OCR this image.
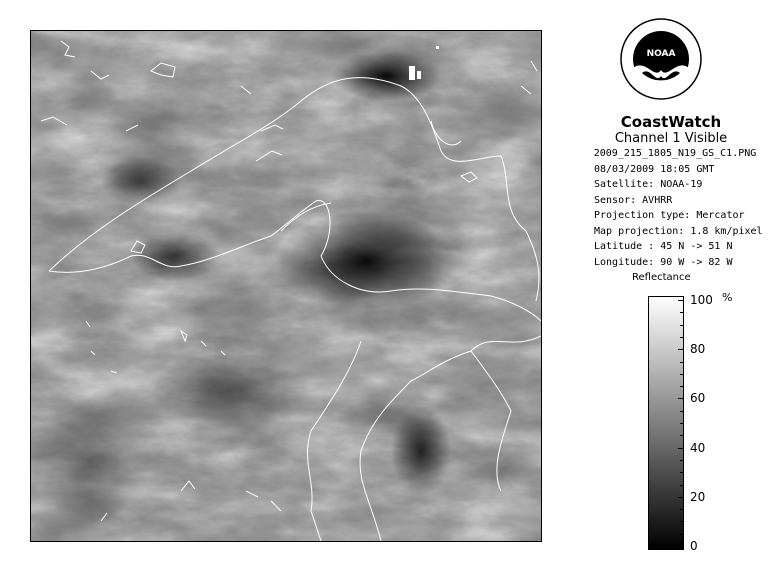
NOAA
CoastWatch
Channel 1 Visible
2009_215_1805_N19_GS_C1.PNG
08/03/2009 18:05 GMT
Satellite: NOAA-19
Sensor: AVHRR
Projection type: Mercator
Map projection: 1.8 km/pixel
Latitude : 45 N -> 51 N
Longitude: 90 W -> 82 W
Reflectance
%
100
80
60
40
20
0
